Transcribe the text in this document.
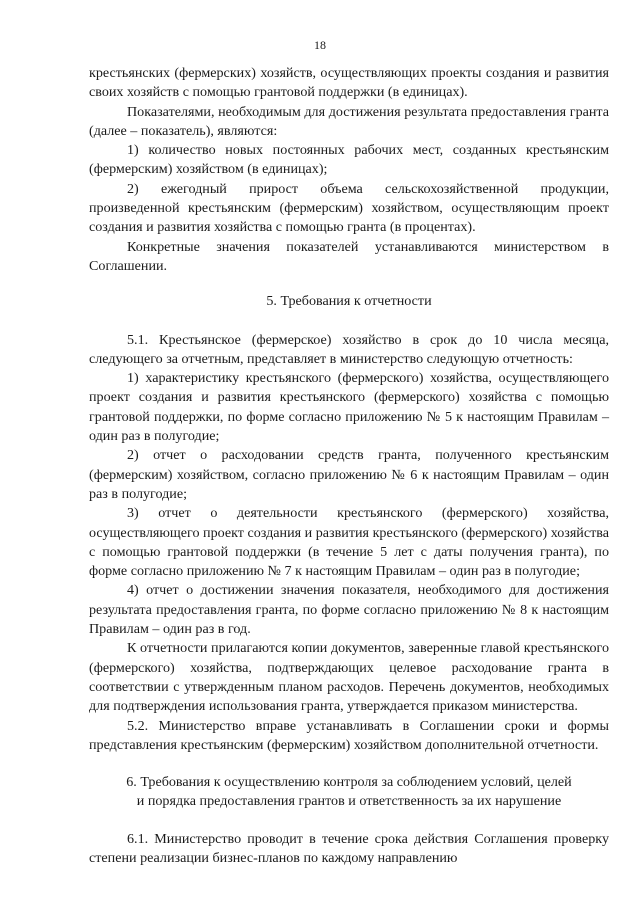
18

крестьянских (фермерских) хозяйств, осуществляющих проекты создания и развития своих хозяйств с помощью грантовой поддержки (в единицах).

Показателями, необходимым для достижения результата предоставления гранта (далее – показатель), являются:

1) количество новых постоянных рабочих мест, созданных крестьянским (фермерским) хозяйством (в единицах);

2) ежегодный прирост объема сельскохозяйственной продукции, произведенной крестьянским (фермерским) хозяйством, осуществляющим проект создания и развития хозяйства с помощью гранта (в процентах).

Конкретные значения показателей устанавливаются министерством в Соглашении.

5. Требования к отчетности

5.1. Крестьянское (фермерское) хозяйство в срок до 10 числа месяца, следующего за отчетным, представляет в министерство следующую отчетность:

1) характеристику крестьянского (фермерского) хозяйства, осуществляющего проект создания и развития крестьянского (фермерского) хозяйства с помощью грантовой поддержки, по форме согласно приложению № 5 к настоящим Правилам – один раз в полугодие;

2) отчет о расходовании средств гранта, полученного крестьянским (фермерским) хозяйством, согласно приложению № 6 к настоящим Правилам – один раз в полугодие;

3) отчет о деятельности крестьянского (фермерского) хозяйства, осуществляющего проект создания и развития крестьянского (фермерского) хозяйства с помощью грантовой поддержки (в течение 5 лет с даты получения гранта), по форме согласно приложению № 7 к настоящим Правилам – один раз в полугодие;

4) отчет о достижении значения показателя, необходимого для достижения результата предоставления гранта, по форме согласно приложению № 8 к настоящим Правилам – один раз в год.

К отчетности прилагаются копии документов, заверенные главой крестьянского (фермерского) хозяйства, подтверждающих целевое расходование гранта в соответствии с утвержденным планом расходов. Перечень документов, необходимых для подтверждения использования гранта, утверждается приказом министерства.

5.2. Министерство вправе устанавливать в Соглашении сроки и формы представления крестьянским (фермерским) хозяйством дополнительной отчетности.

6. Требования к осуществлению контроля за соблюдением условий, целей

и порядка предоставления грантов и ответственность за их нарушение

6.1. Министерство проводит в течение срока действия Соглашения проверку степени реализации бизнес-планов по каждому направлению
